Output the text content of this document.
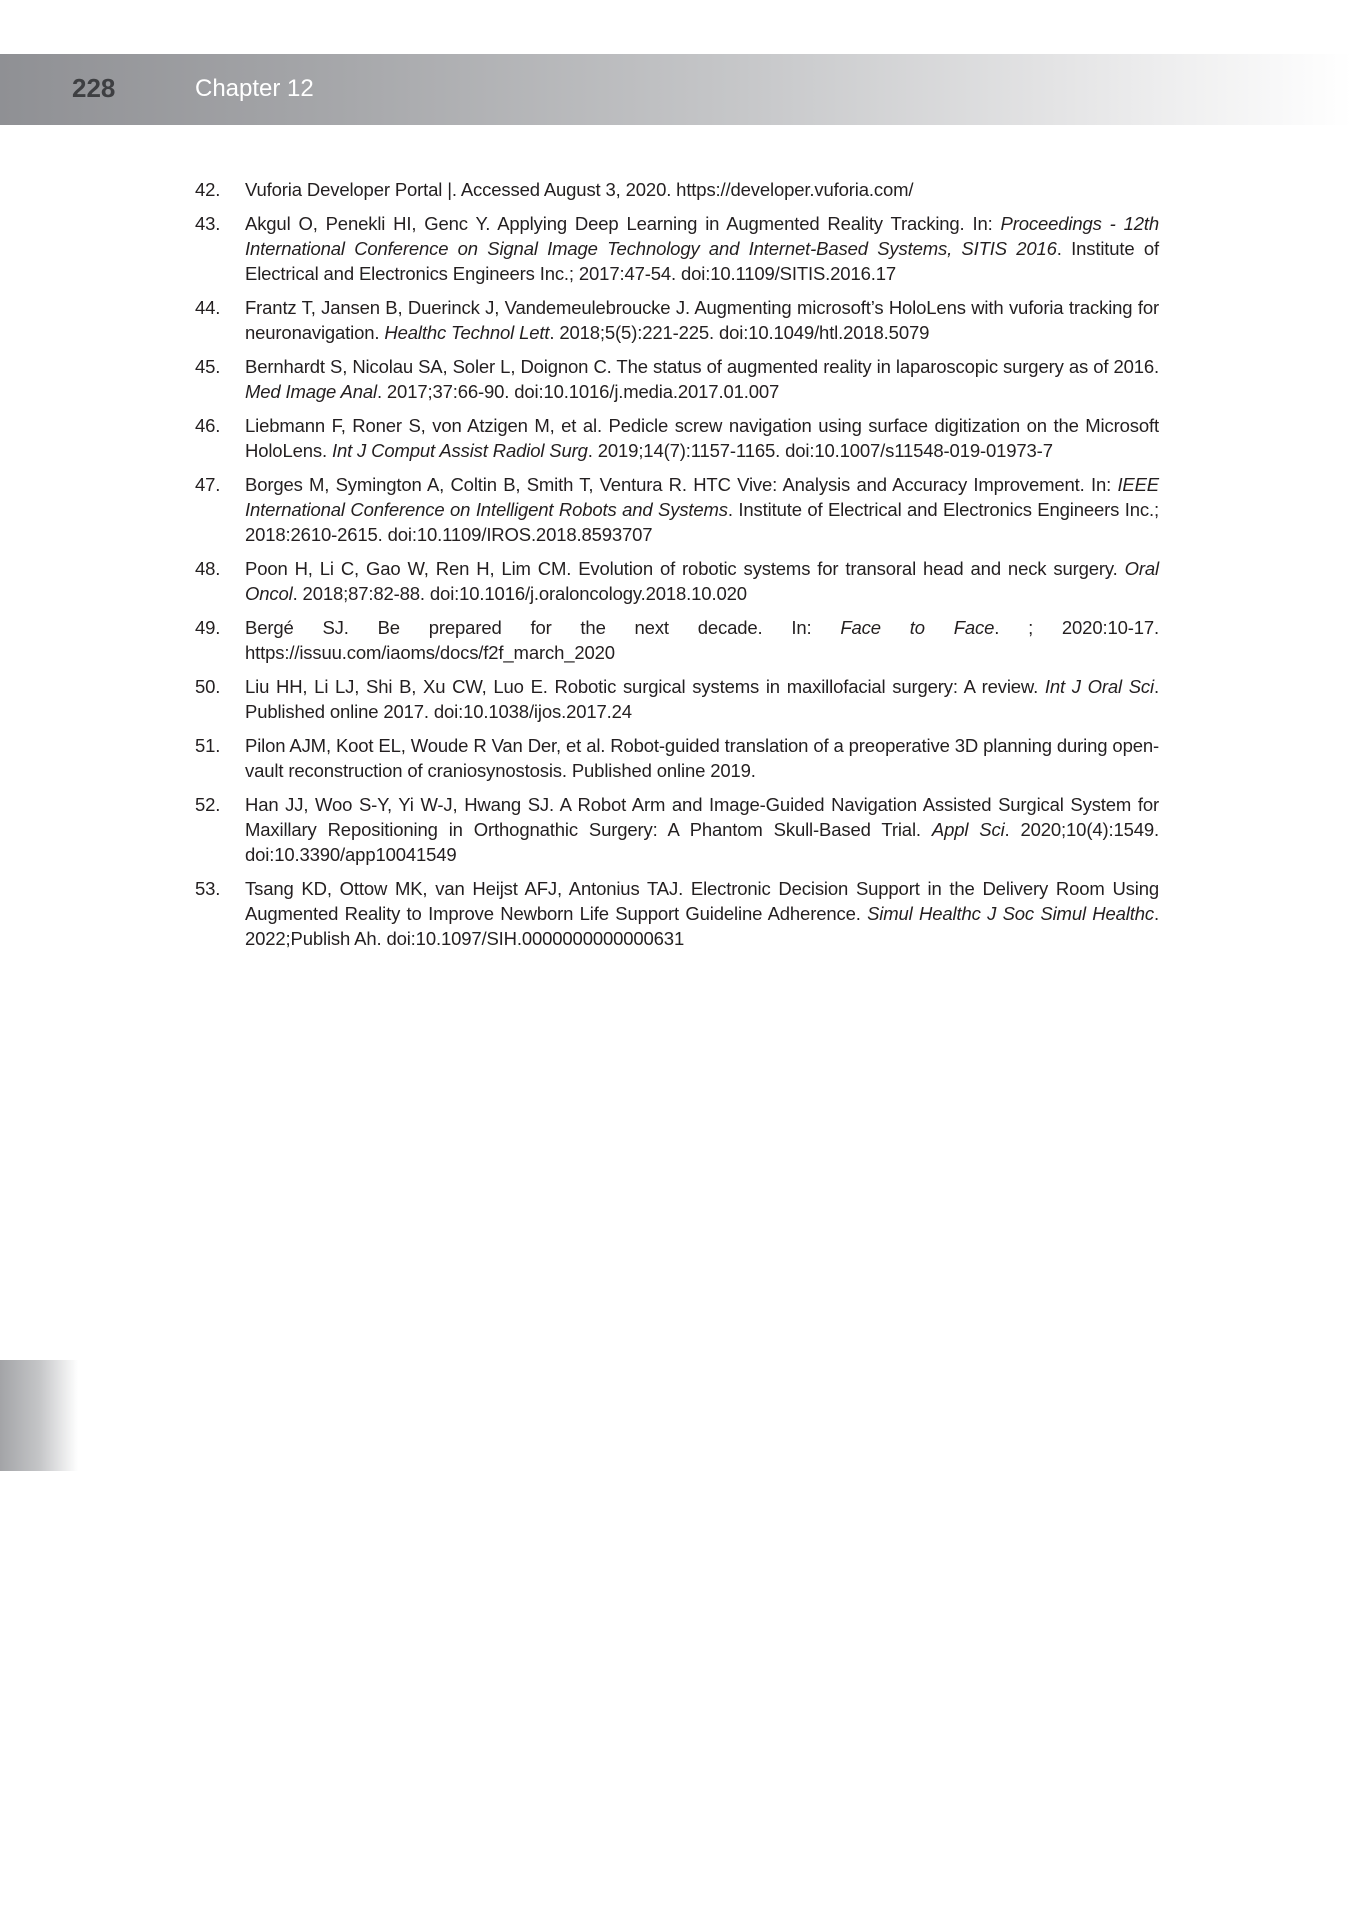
228	Chapter 12
42.	Vuforia Developer Portal |. Accessed August 3, 2020. https://developer.vuforia.com/
43.	Akgul O, Penekli HI, Genc Y. Applying Deep Learning in Augmented Reality Tracking. In: Proceedings - 12th International Conference on Signal Image Technology and Internet-Based Systems, SITIS 2016. Institute of Electrical and Electronics Engineers Inc.; 2017:47-54. doi:10.1109/SITIS.2016.17
44.	Frantz T, Jansen B, Duerinck J, Vandemeulebroucke J. Augmenting microsoft’s HoloLens with vuforia tracking for neuronavigation. Healthc Technol Lett. 2018;5(5):221-225. doi:10.1049/htl.2018.5079
45.	Bernhardt S, Nicolau SA, Soler L, Doignon C. The status of augmented reality in laparoscopic surgery as of 2016. Med Image Anal. 2017;37:66-90. doi:10.1016/j.media.2017.01.007
46.	Liebmann F, Roner S, von Atzigen M, et al. Pedicle screw navigation using surface digitization on the Microsoft HoloLens. Int J Comput Assist Radiol Surg. 2019;14(7):1157-1165. doi:10.1007/s11548-019-01973-7
47.	Borges M, Symington A, Coltin B, Smith T, Ventura R. HTC Vive: Analysis and Accuracy Improvement. In: IEEE International Conference on Intelligent Robots and Systems. Institute of Electrical and Electronics Engineers Inc.; 2018:2610-2615. doi:10.1109/IROS.2018.8593707
48.	Poon H, Li C, Gao W, Ren H, Lim CM. Evolution of robotic systems for transoral head and neck surgery. Oral Oncol. 2018;87:82-88. doi:10.1016/j.oraloncology.2018.10.020
49.	Bergé SJ. Be prepared for the next decade. In: Face to Face. ; 2020:10-17. https://issuu.com/iaoms/docs/f2f_march_2020
50.	Liu HH, Li LJ, Shi B, Xu CW, Luo E. Robotic surgical systems in maxillofacial surgery: A review. Int J Oral Sci. Published online 2017. doi:10.1038/ijos.2017.24
51.	Pilon AJM, Koot EL, Woude R Van Der, et al. Robot-guided translation of a preoperative 3D planning during open- vault reconstruction of craniosynostosis. Published online 2019.
52.	Han JJ, Woo S-Y, Yi W-J, Hwang SJ. A Robot Arm and Image-Guided Navigation Assisted Surgical System for Maxillary Repositioning in Orthognathic Surgery: A Phantom Skull-Based Trial. Appl Sci. 2020;10(4):1549. doi:10.3390/app10041549
53.	Tsang KD, Ottow MK, van Heijst AFJ, Antonius TAJ. Electronic Decision Support in the Delivery Room Using Augmented Reality to Improve Newborn Life Support Guideline Adherence. Simul Healthc J Soc Simul Healthc. 2022;Publish Ah. doi:10.1097/SIH.0000000000000631
